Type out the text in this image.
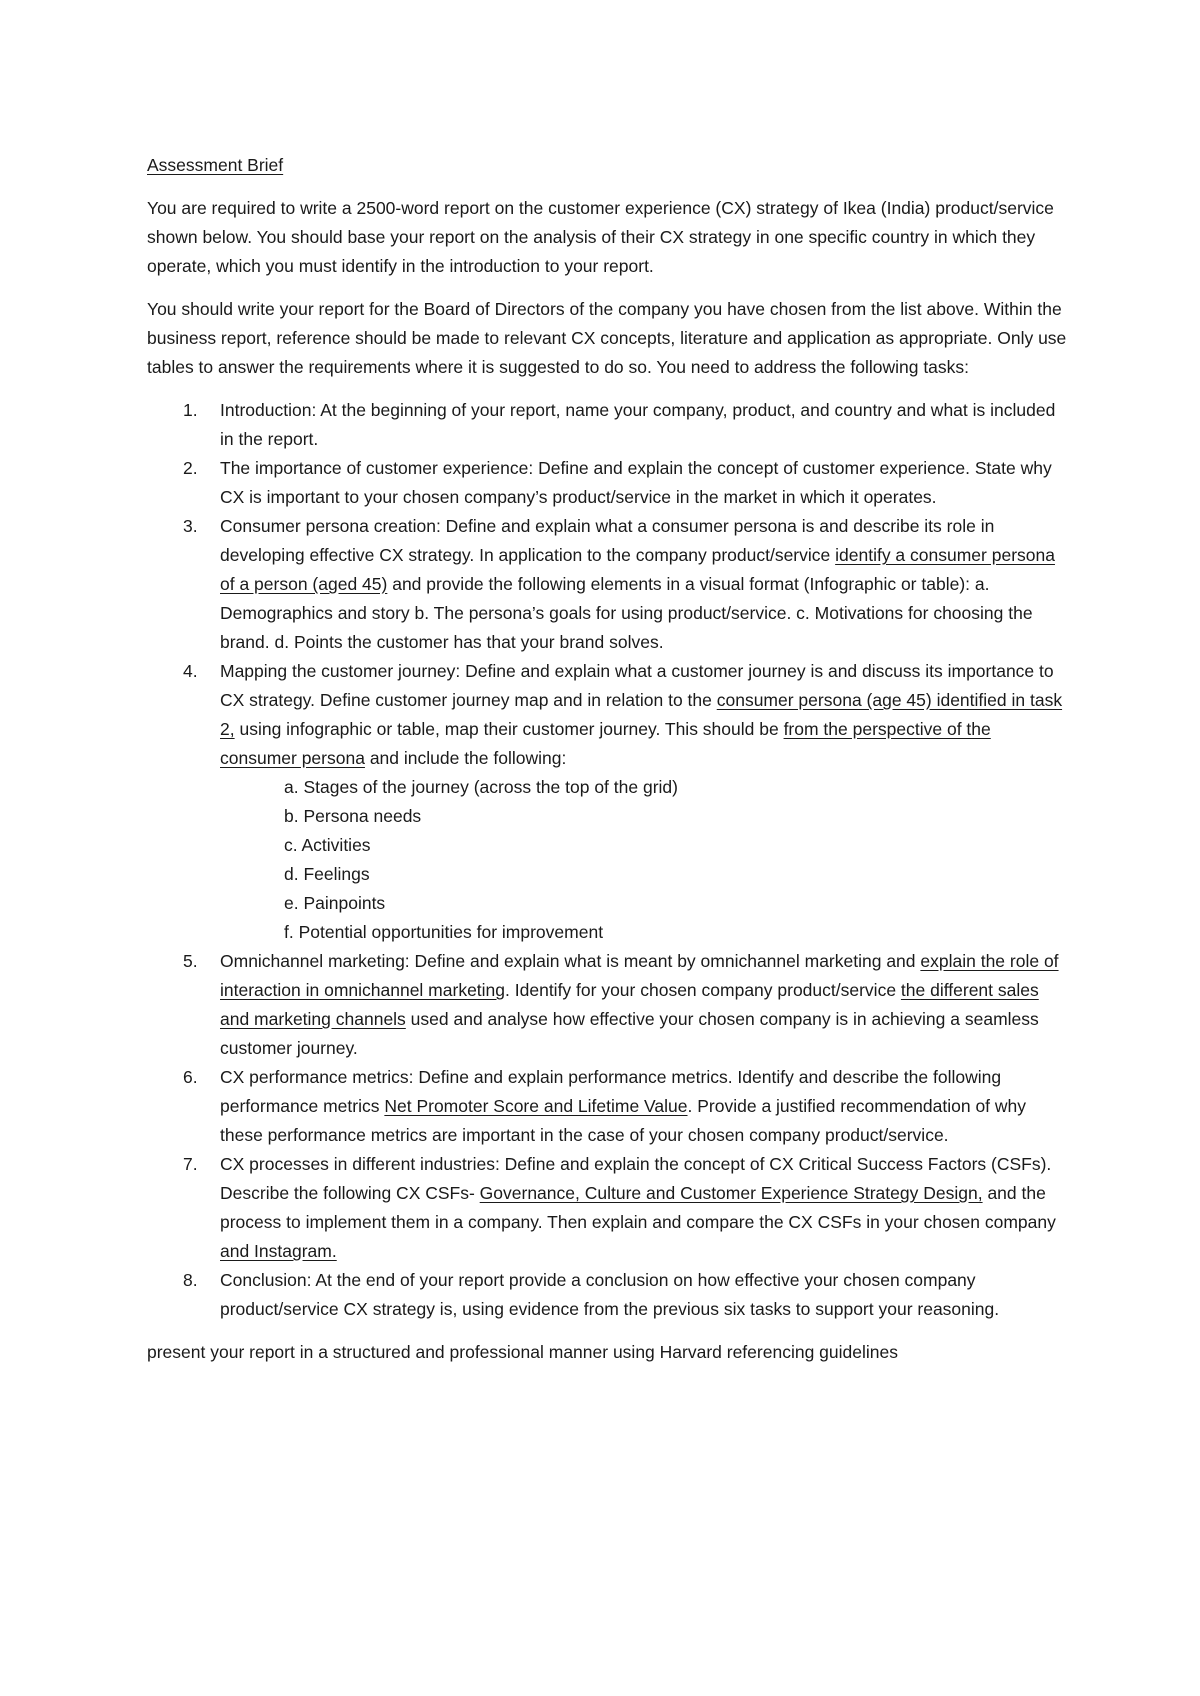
Assessment Brief

You are required to write a 2500-word report on the customer experience (CX) strategy of Ikea (India) product/service shown below. You should base your report on the analysis of their CX strategy in one specific country in which they operate, which you must identify in the introduction to your report.

You should write your report for the Board of Directors of the company you have chosen from the list above. Within the business report, reference should be made to relevant CX concepts, literature and application as appropriate. Only use tables to answer the requirements where it is suggested to do so. You need to address the following tasks:

1. Introduction: At the beginning of your report, name your company, product, and country and what is included in the report.
2. The importance of customer experience: Define and explain the concept of customer experience. State why CX is important to your chosen company’s product/service in the market in which it operates.
3. Consumer persona creation: Define and explain what a consumer persona is and describe its role in developing effective CX strategy. In application to the company product/service identify a consumer persona of a person (aged 45) and provide the following elements in a visual format (Infographic or table): a. Demographics and story b. The persona’s goals for using product/service. c. Motivations for choosing the brand. d. Points the customer has that your brand solves.
4. Mapping the customer journey: Define and explain what a customer journey is and discuss its importance to CX strategy. Define customer journey map and in relation to the consumer persona (age 45) identified in task 2, using infographic or table, map their customer journey. This should be from the perspective of the consumer persona and include the following:
a. Stages of the journey (across the top of the grid)
b. Persona needs
c. Activities
d. Feelings
e. Painpoints
f. Potential opportunities for improvement
5. Omnichannel marketing: Define and explain what is meant by omnichannel marketing and explain the role of interaction in omnichannel marketing. Identify for your chosen company product/service the different sales and marketing channels used and analyse how effective your chosen company is in achieving a seamless customer journey.
6. CX performance metrics: Define and explain performance metrics. Identify and describe the following performance metrics Net Promoter Score and Lifetime Value. Provide a justified recommendation of why these performance metrics are important in the case of your chosen company product/service.
7. CX processes in different industries: Define and explain the concept of CX Critical Success Factors (CSFs). Describe the following CX CSFs- Governance, Culture and Customer Experience Strategy Design, and the process to implement them in a company. Then explain and compare the CX CSFs in your chosen company and Instagram.
8. Conclusion: At the end of your report provide a conclusion on how effective your chosen company product/service CX strategy is, using evidence from the previous six tasks to support your reasoning.

present your report in a structured and professional manner using Harvard referencing guidelines
